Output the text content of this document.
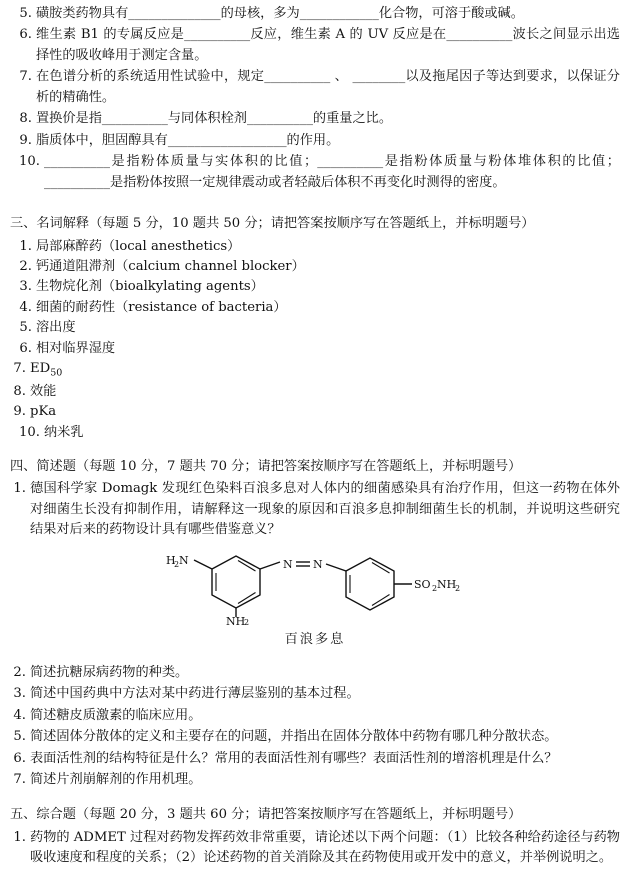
5. 磺胺类药物具有______________的母核，多为____________化合物，可溶于酸或碱。
6. 维生素 B1 的专属反应是__________反应，维生素 A 的 UV 反应是在__________波长之间显示出选择性的吸收峰用于测定含量。
7. 在色谱分析的系统适用性试验中，规定__________ 、 ________以及拖尾因子等达到要求，以保证分析的精确性。
8. 置换价是指__________与同体积栓剂__________的重量之比。
9. 脂质体中，胆固醇具有__________________的作用。
10. __________是指粉体质量与实体积的比值；__________是指粉体质量与粉体堆体积的比值；__________是指粉体按照一定规律震动或者轻敲后体积不再变化时测得的密度。
三、名词解释（每题 5 分，10 题共 50 分；请把答案按顺序写在答题纸上，并标明题号）
1. 局部麻醉药（local anesthetics）
2. 钙通道阻滞剂（calcium channel blocker）
3. 生物烷化剂（bioalkylating agents）
4. 细菌的耐药性（resistance of bacteria）
5. 溶出度
6. 相对临界湿度
7. $ED_{50}$
8. 效能
9. pKa
10. 纳米乳
四、简述题（每题 10 分，7 题共 70 分；请把答案按顺序写在答题纸上，并标明题号）
1. 德国科学家 Domagk 发现红色染料百浪多息对人体内的细菌感染具有治疗作用，但这一药物在体外对细菌生长没有抑制作用，请解释这一现象的原因和百浪多息抑制细菌生长的机制，并说明这些研究结果对后来的药物设计具有哪些借鉴意义？
H
2 N
NH
2
N N
SO 2 NH
2
百浪多息
2. 简述抗糖尿病药物的种类。
3. 简述中国药典中方法对某中药进行薄层鉴别的基本过程。
4. 简述糖皮质激素的临床应用。
5. 简述固体分散体的定义和主要存在的问题，并指出在固体分散体中药物有哪几种分散状态。
6. 表面活性剂的结构特征是什么？常用的表面活性剂有哪些？表面活性剂的增溶机理是什么？
7. 简述片剂崩解剂的作用机理。
五、综合题（每题 20 分，3 题共 60 分；请把答案按顺序写在答题纸上，并标明题号）
1. 药物的 ADMET 过程对药物发挥药效非常重要，请论述以下两个问题：（1）比较各种给药途径与药物吸收速度和程度的关系；（2）论述药物的首关消除及其在药物使用或开发中的意义，并举例说明之。
